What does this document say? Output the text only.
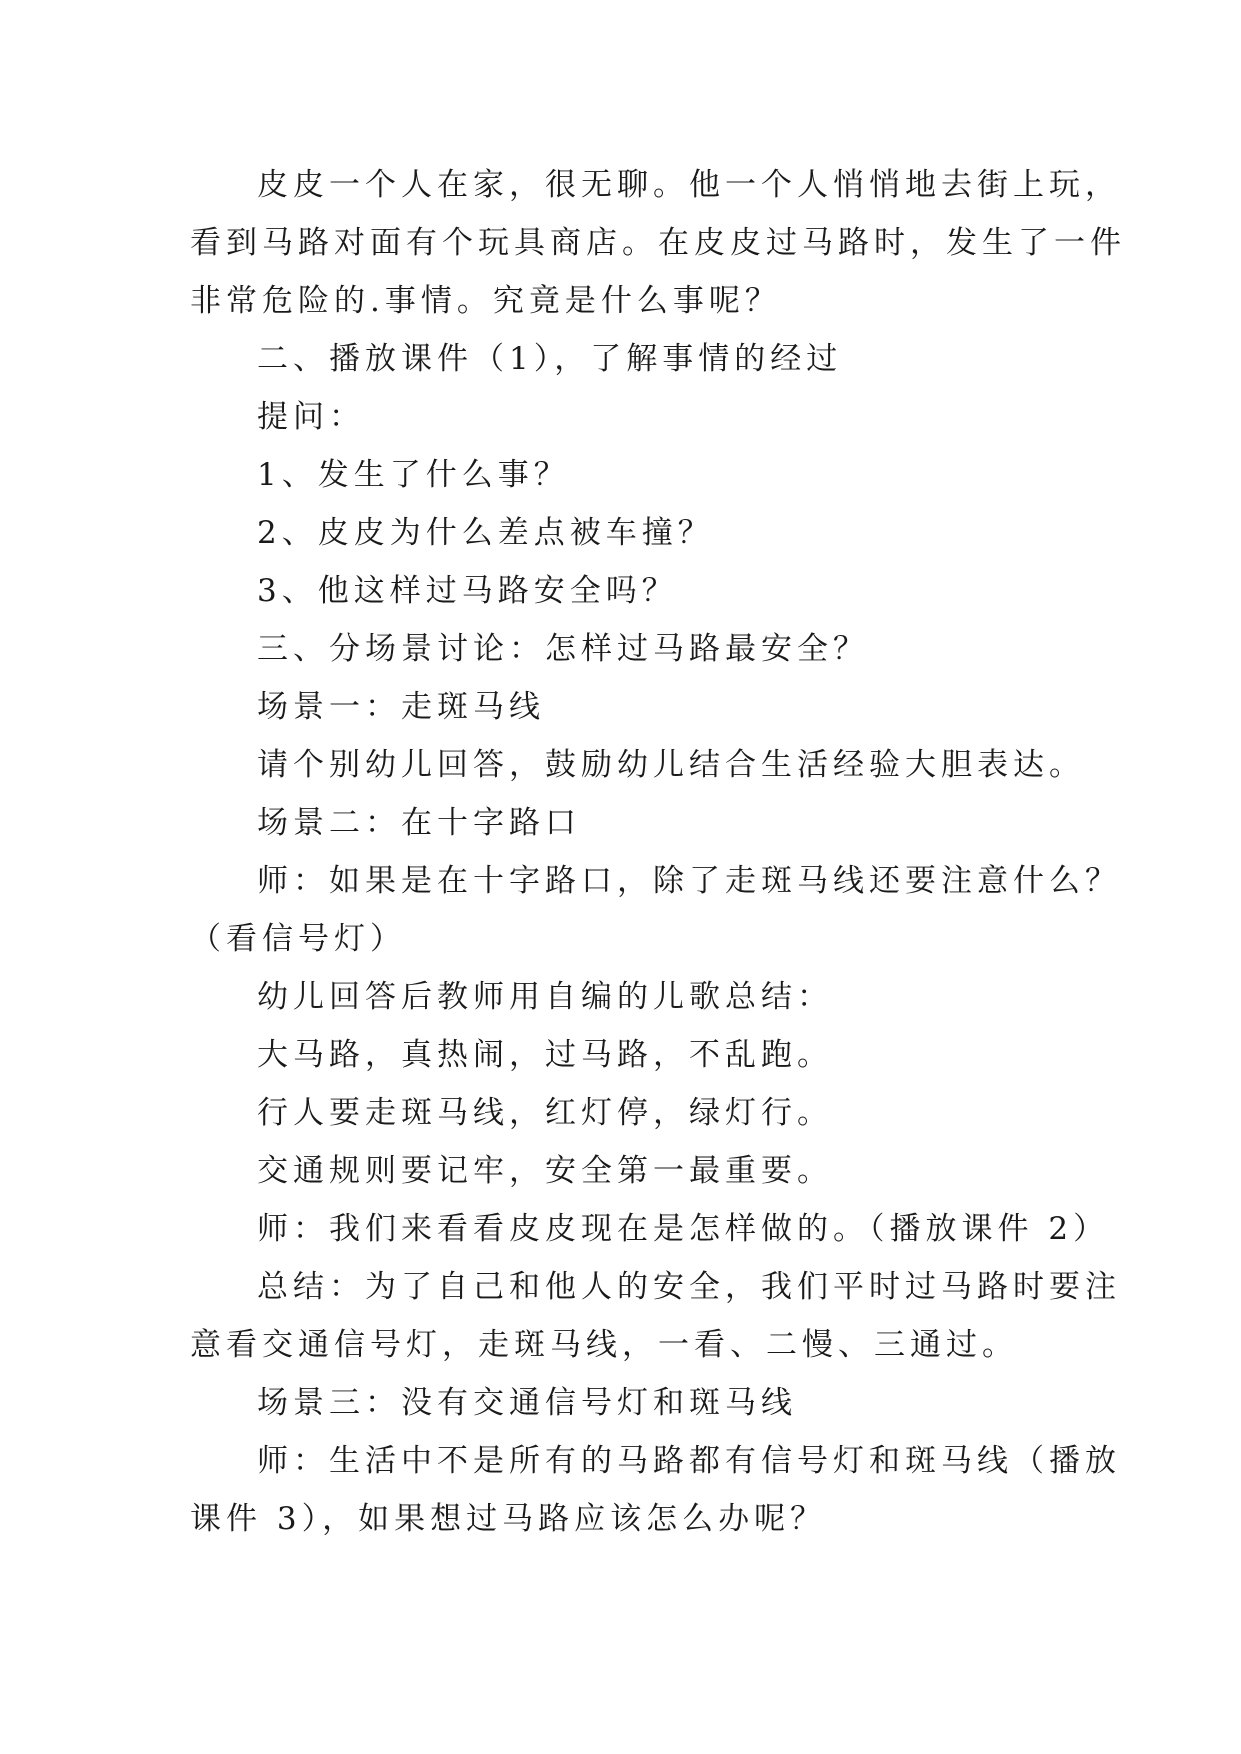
皮皮一个人在家，很无聊。他一个人悄悄地去街上玩，
看到马路对面有个玩具商店。在皮皮过马路时，发生了一件
非常危险的.事情。究竟是什么事呢？
二、播放课件（1），了解事情的经过
提问：
1、发生了什么事？
2、皮皮为什么差点被车撞？
3、他这样过马路安全吗？
三、分场景讨论：怎样过马路最安全？
场景一：走斑马线
请个别幼儿回答，鼓励幼儿结合生活经验大胆表达。
场景二：在十字路口
师：如果是在十字路口，除了走斑马线还要注意什么？
（看信号灯）
幼儿回答后教师用自编的儿歌总结：
大马路，真热闹，过马路，不乱跑。
行人要走斑马线，红灯停，绿灯行。
交通规则要记牢，安全第一最重要。
师：我们来看看皮皮现在是怎样做的。（播放课件 2）
总结：为了自己和他人的安全，我们平时过马路时要注
意看交通信号灯，走斑马线，一看、二慢、三通过。
场景三：没有交通信号灯和斑马线
师：生活中不是所有的马路都有信号灯和斑马线（播放
课件 3），如果想过马路应该怎么办呢？
